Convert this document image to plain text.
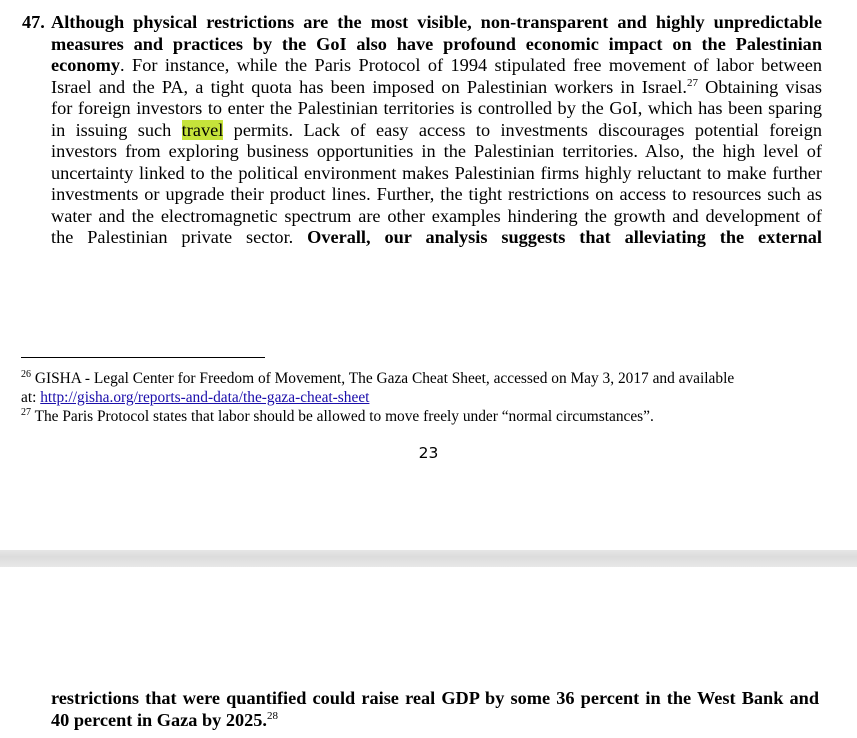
47. Although physical restrictions are the most visible, non-transparent and highly unpredictable
measures and practices by the GoI also have profound economic impact on the Palestinian
economy. For instance, while the Paris Protocol of 1994 stipulated free movement of labor between
Israel and the PA, a tight quota has been imposed on Palestinian workers in Israel.$^{27}$ Obtaining visas
for foreign investors to enter the Palestinian territories is controlled by the GoI, which has been sparing
in issuing such travel permits. Lack of easy access to investments discourages potential foreign
investors from exploring business opportunities in the Palestinian territories. Also, the high level of
uncertainty linked to the political environment makes Palestinian firms highly reluctant to make further
investments or upgrade their product lines. Further, the tight restrictions on access to resources such as
water and the electromagnetic spectrum are other examples hindering the growth and development of
the Palestinian private sector. Overall, our analysis suggests that alleviating the external
$^{26}$ GISHA - Legal Center for Freedom of Movement, The Gaza Cheat Sheet, accessed on May 3, 2017 and available
at: http://gisha.org/reports-and-data/the-gaza-cheat-sheet
$^{27}$ The Paris Protocol states that labor should be allowed to move freely under “normal circumstances”.
23
restrictions that were quantified could raise real GDP by some 36 percent in the West Bank and
40 percent in Gaza by 2025.28
